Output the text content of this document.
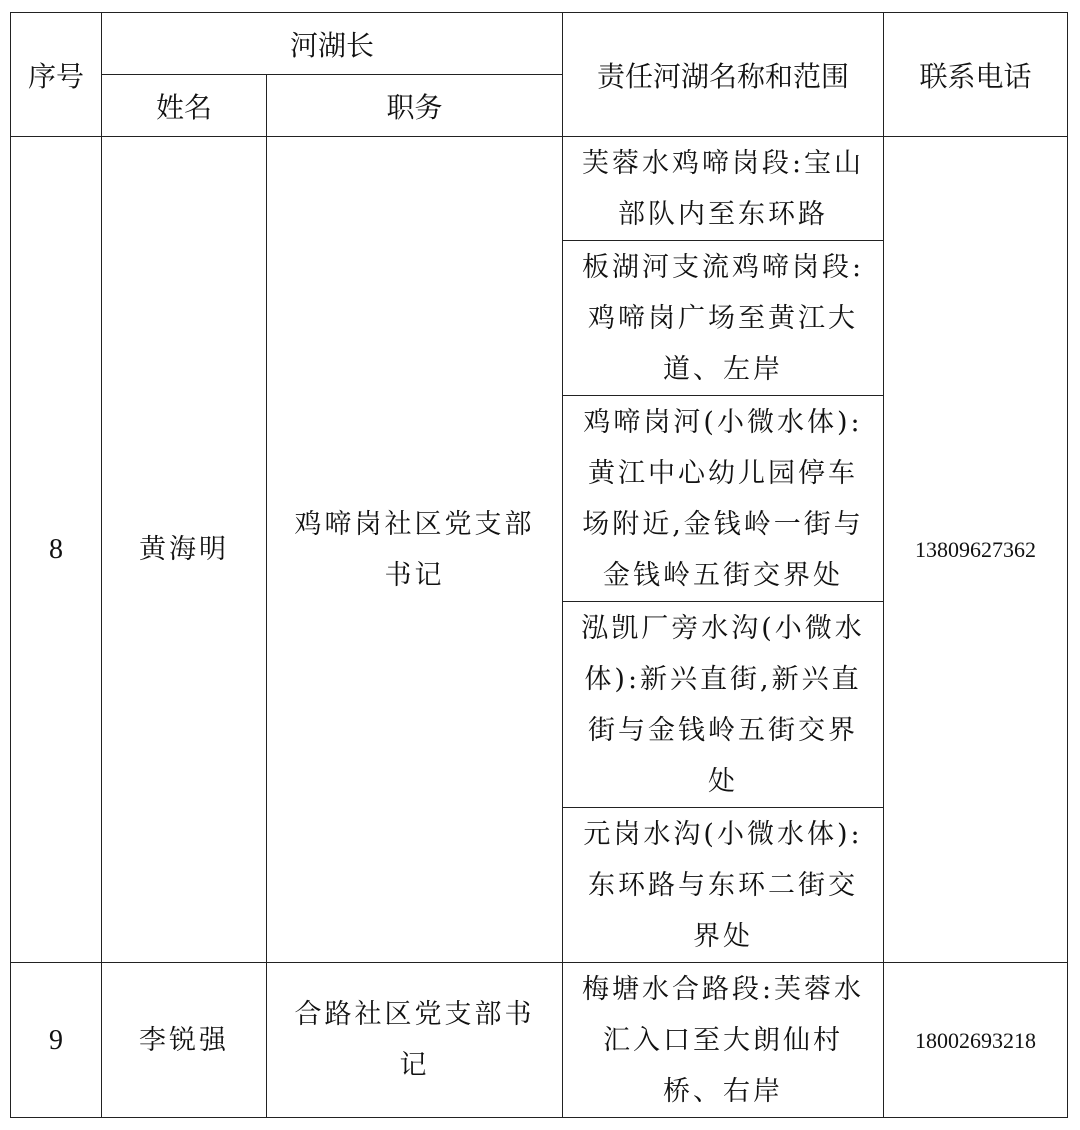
序号	河湖长		责任河湖名称和范围	联系电话
	姓名	职务		
8	黄海明	鸡啼岗社区党支部书记	芙蓉水鸡啼岗段:宝山部队内至东环路	13809627362

			板湖河支流鸡啼岗段:鸡啼岗广场至黄江大道、左岸	

			鸡啼岗河(小微水体):黄江中心幼儿园停车场附近,金钱岭一街与金钱岭五街交界处	

			泓凯厂旁水沟(小微水体):新兴直街,新兴直街与金钱岭五街交界处	

			元岗水沟(小微水体):东环路与东环二街交界处	

9	李锐强	合路社区党支部书记	梅塘水合路段:芙蓉水汇入口至大朗仙村桥、右岸	18002693218
